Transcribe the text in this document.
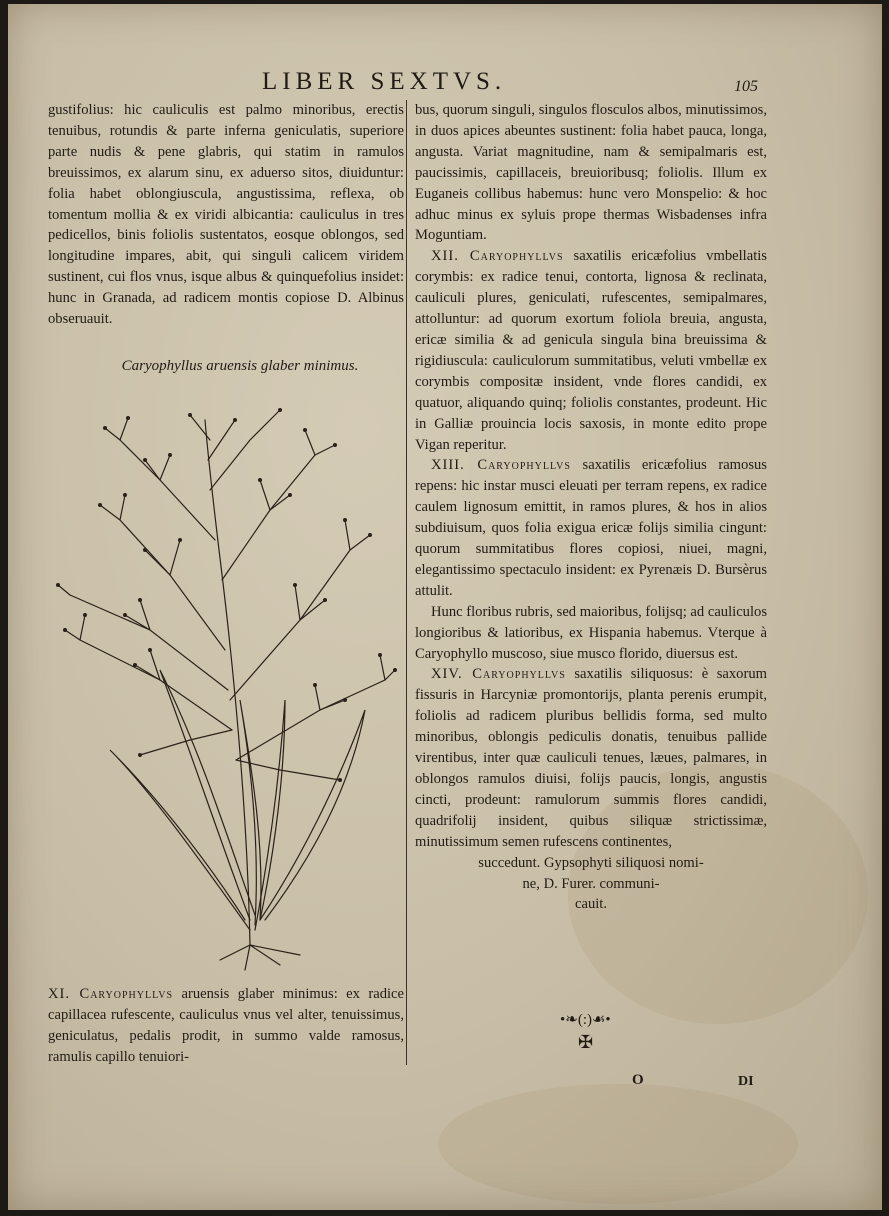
LIBER SEXTVS.	105

gustifolius: hic cauliculis est palmo minoribus, erectis tenuibus, rotundis & parte inferna geniculatis, superiore parte nudis & pene glabris, qui statim in ramulos breuissimos, ex alarum sinu, ex aduerso sitos, diuiduntur: folia habet oblongiuscula, angustissima, reflexa, ob tomentum mollia & ex viridi albicantia: cauliculus in tres pedicellos, binis foliolis sustentatos, eosque oblongos, sed longitudine impares, abit, qui singuli calicem viridem sustinent, cui flos vnus, isque albus & quinquefolius insidet: hunc in Granada, ad radicem montis copiose D. Albinus obseruauit.

Caryophyllus aruensis glaber minimus.

XI. Caryophyllvs aruensis glaber minimus: ex radice capillacea rufescente, cauliculus vnus vel alter, tenuissimus, geniculatus, pedalis prodit, in summo valde ramosus, ramulis capillo tenuiori-

bus, quorum singuli, singulos flosculos albos, minutissimos, in duos apices abeuntes sustinent: folia habet pauca, longa, angusta. Variat magnitudine, nam & semipalmaris est, paucissimis, capillaceis, breuioribusq; foliolis. Illum ex Euganeis collibus habemus: hunc vero Monspelio: & hoc adhuc minus ex syluis prope thermas Wisbadenses infra Moguntiam.

XII. Caryophyllvs saxatilis ericæfolius vmbellatis corymbis: ex radice tenui, contorta, lignosa & reclinata, cauliculi plures, geniculati, rufescentes, semipalmares, attolluntur: ad quorum exortum foliola breuia, angusta, ericæ similia & ad genicula singula bina breuissima & rigidiuscula: cauliculorum summitatibus, veluti vmbellæ ex corymbis compositæ insident, vnde flores candidi, ex quatuor, aliquando quinq; foliolis constantes, prodeunt. Hic in Galliæ prouincia locis saxosis, in monte edito prope Vigan reperitur.

XIII. Caryophyllvs saxatilis ericæfolius ramosus repens: hic instar musci eleuati per terram repens, ex radice caulem lignosum emittit, in ramos plures, & hos in alios subdiuisum, quos folia exigua ericæ folijs similia cingunt: quorum summitatibus flores copiosi, niuei, magni, elegantissimo spectaculo insident: ex Pyrenæis D. Bursèrus attulit.

Hunc floribus rubris, sed maioribus, folijsq; ad cauliculos longioribus & latioribus, ex Hispania habemus. Vterque à Caryophyllo muscoso, siue musco florido, diuersus est.

XIV. Caryophyllvs saxatilis siliquosus: è saxorum fissuris in Harcyniæ promontorijs, planta perenis erumpit, foliolis ad radicem pluribus bellidis forma, sed multo minoribus, oblongis pediculis donatis, tenuibus pallide virentibus, inter quæ cauliculi tenues, læues, palmares, in oblongos ramulos diuisi, folijs paucis, longis, angustis cincti, prodeunt: ramulorum summis flores candidi, quadrifolij insident, quibus siliquæ strictissimæ, minutissimum semen rufescens continentes,

succedunt. Gypsophyti siliquosi nomi-

ne, D. Furer. communi-

cauit.

•❧(:)☙•
✠
O	DI
